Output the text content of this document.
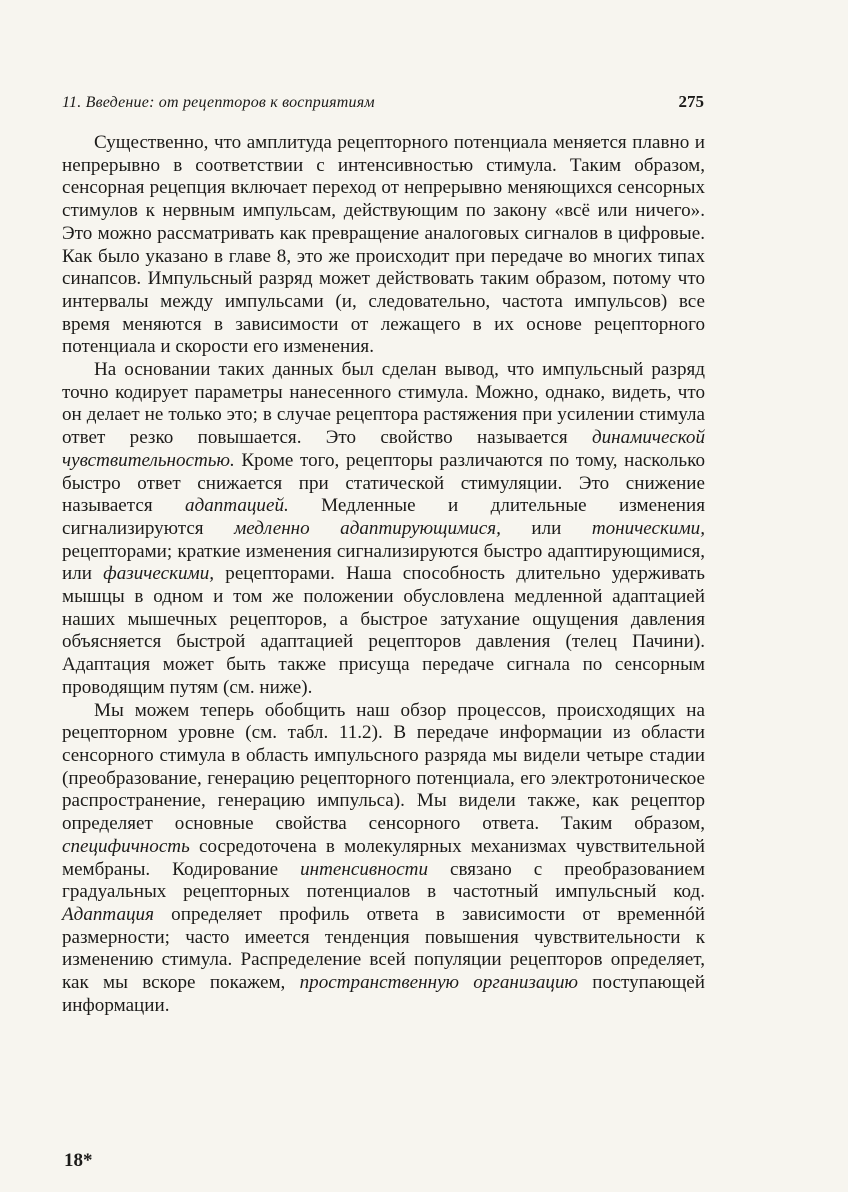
11. Введение: от рецепторов к восприятиям	275

Существенно, что амплитуда рецепторного потенциала меняется плавно и непрерывно в соответствии с интенсивностью стимула. Таким образом, сенсорная рецепция включает переход от непрерывно меняющихся сенсорных стимулов к нервным импульсам, действующим по закону «всё или ничего». Это можно рассматривать как превращение аналоговых сигналов в цифровые. Как было указано в главе 8, это же происходит при передаче во многих типах синапсов. Импульсный разряд может действовать таким образом, потому что интервалы между импульсами (и, следовательно, частота импульсов) все время меняются в зависимости от лежащего в их основе рецепторного потенциала и скорости его изменения.

На основании таких данных был сделан вывод, что импульсный разряд точно кодирует параметры нанесенного стимула. Можно, однако, видеть, что он делает не только это; в случае рецептора растяжения при усилении стимула ответ резко повышается. Это свойство называется динамической чувствительностью. Кроме того, рецепторы различаются по тому, насколько быстро ответ снижается при статической стимуляции. Это снижение называется адаптацией. Медленные и длительные изменения сигнализируются медленно адаптирующимися, или тоническими, рецепторами; краткие изменения сигнализируются быстро адаптирующимися, или фазическими, рецепторами. Наша способность длительно удерживать мышцы в одном и том же положении обусловлена медленной адаптацией наших мышечных рецепторов, а быстрое затухание ощущения давления объясняется быстрой адаптацией рецепторов давления (телец Пачини). Адаптация может быть также присуща передаче сигнала по сенсорным проводящим путям (см. ниже).

Мы можем теперь обобщить наш обзор процессов, происходящих на рецепторном уровне (см. табл. 11.2). В передаче информации из области сенсорного стимула в область импульсного разряда мы видели четыре стадии (преобразование, генерацию рецепторного потенциала, его электротоническое распространение, генерацию импульса). Мы видели также, как рецептор определяет основные свойства сенсорного ответа. Таким образом, специфичность сосредоточена в молекулярных механизмах чувствительной мембраны. Кодирование интенсивности связано с преобразованием градуальных рецепторных потенциалов в частотный импульсный код. Адаптация определяет профиль ответа в зависимости от временнóй размерности; часто имеется тенденция повышения чувствительности к изменению стимула. Распределение всей популяции рецепторов определяет, как мы вскоре покажем, пространственную организацию поступающей информации.

18*
